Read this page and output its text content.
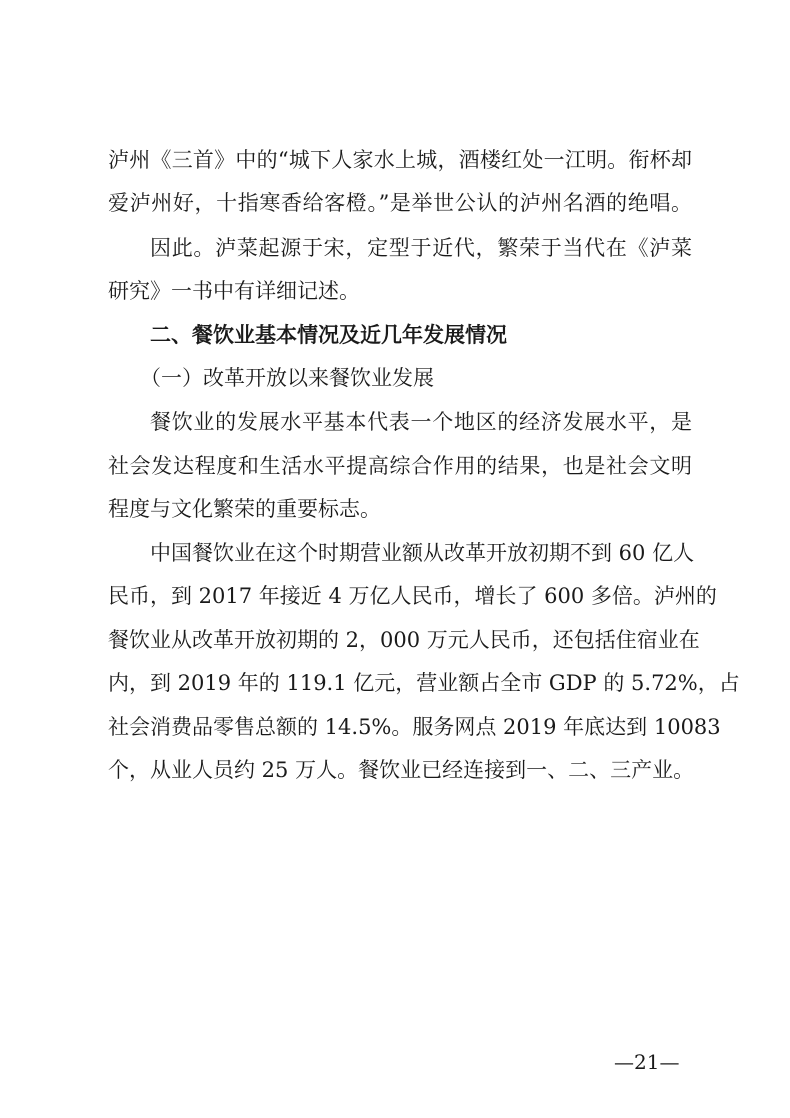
泸州《三首》中的“城下人家水上城，酒楼红处一江明。衔杯却
爱泸州好，十指寒香给客橙。”是举世公认的泸州名酒的绝唱。
因此。泸菜起源于宋，定型于近代，繁荣于当代在《泸菜
研究》一书中有详细记述。
二、餐饮业基本情况及近几年发展情况
（一）改革开放以来餐饮业发展
餐饮业的发展水平基本代表一个地区的经济发展水平，是
社会发达程度和生活水平提高综合作用的结果，也是社会文明
程度与文化繁荣的重要标志。
中国餐饮业在这个时期营业额从改革开放初期不到 60 亿人
民币，到 2017 年接近 4 万亿人民币，增长了 600 多倍。泸州的
餐饮业从改革开放初期的 2，000 万元人民币，还包括住宿业在
内，到 2019 年的 119.1 亿元，营业额占全市 GDP 的 5.72%，占
社会消费品零售总额的 14.5%。服务网点 2019 年底达到 10083
个，从业人员约 25 万人。餐饮业已经连接到一、二、三产业。
—21—
